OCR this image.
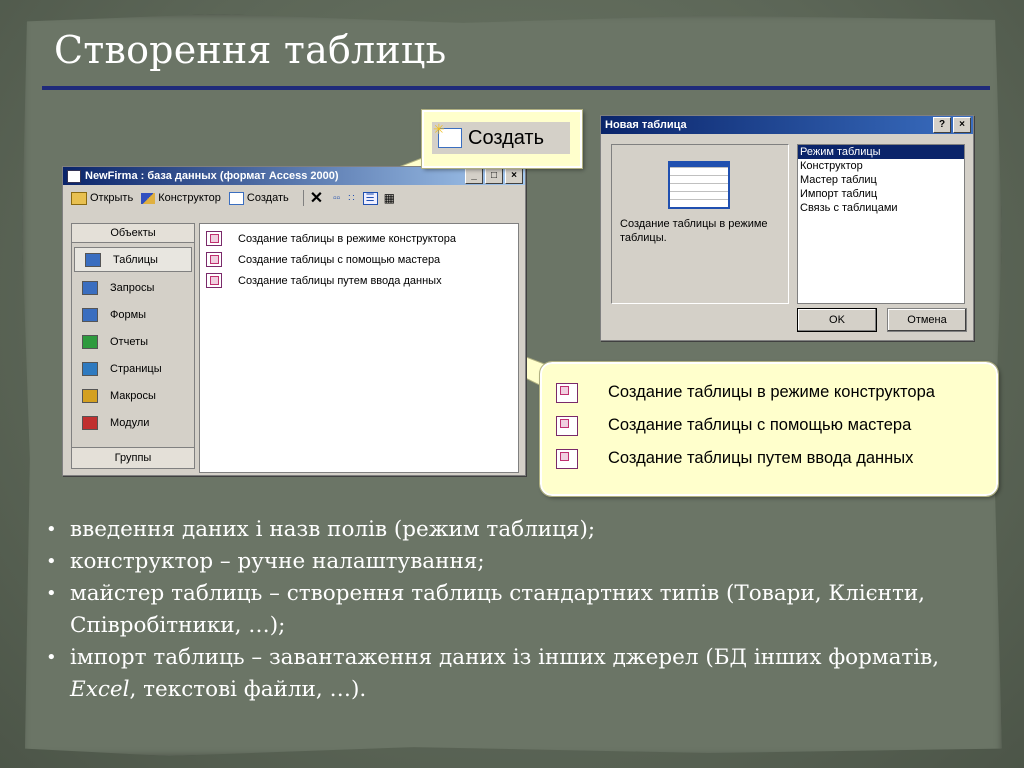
Створення таблиць
NewFirma : база данных (формат Access 2000)	_	□	×
Открыть Конструктор Создать ✕ ▫▫ ∷	☰ ▦
Объекты
Таблицы
Запросы
Формы
Отчеты
Страницы
Макросы
Модули
Группы
Создание таблицы в режиме конструктора
Создание таблицы с помощью мастера
Создание таблицы путем ввода данных
✳ Создать
Новая таблица	?	×
Создание таблицы в режиме таблицы.
Режим таблицы
Конструктор
Мастер таблиц
Импорт таблиц
Связь с таблицами
OK	Отмена
Создание таблицы в режиме конструктора
Создание таблицы с помощью мастера
Создание таблицы путем ввода данных
• введення даних і назв полів (режим таблиця);
• конструктор – ручне налаштування;
• майстер таблиць – створення таблиць стандартних типів (Товари, Клієнти, Співробітники, …);
• імпорт таблиць – завантаження даних із інших джерел (БД інших форматів, Excel, текстові файли, …).
